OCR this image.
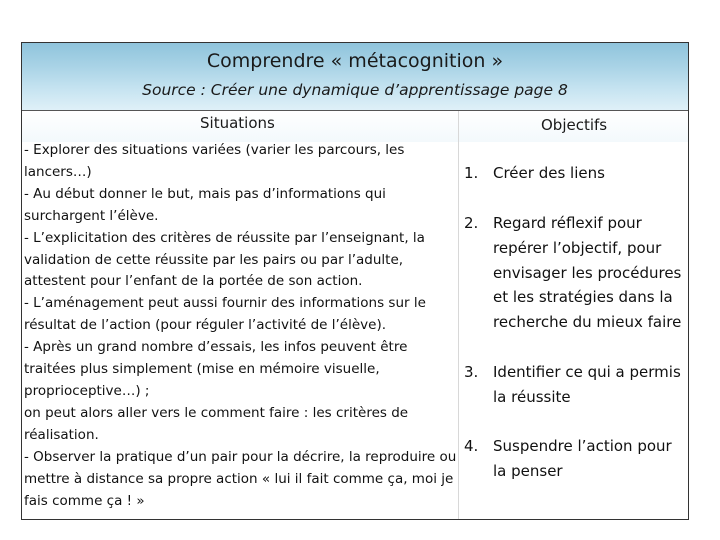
Comprendre « métacognition »
Source : Créer une dynamique d’apprentissage page 8
Situations	Objectifs
- Explorer des situations variées (varier les parcours, les
lancers…)
- Au début donner le but, mais pas d’informations qui
surchargent l’élève.
- L’explicitation des critères de réussite par l’enseignant, la
validation de cette réussite par les pairs ou par l’adulte,
attestent pour l’enfant de la portée de son action.
- L’aménagement peut aussi fournir des informations sur le
résultat de l’action (pour réguler l’activité de l’élève).
- Après un grand nombre d’essais, les infos peuvent être
traitées plus simplement (mise en mémoire visuelle,
proprioceptive…) ;
on peut alors aller vers le comment faire : les critères de
réalisation.
- Observer la pratique d’un pair pour la décrire, la reproduire ou
mettre à distance sa propre action « lui il fait comme ça, moi je
fais comme ça ! »
1. Créer des liens
2. Regard réflexif pour
repérer l’objectif, pour
envisager les procédures
et les stratégies dans la
recherche du mieux faire
3. Identifier ce qui a permis
la réussite
4. Suspendre l’action pour
la penser
